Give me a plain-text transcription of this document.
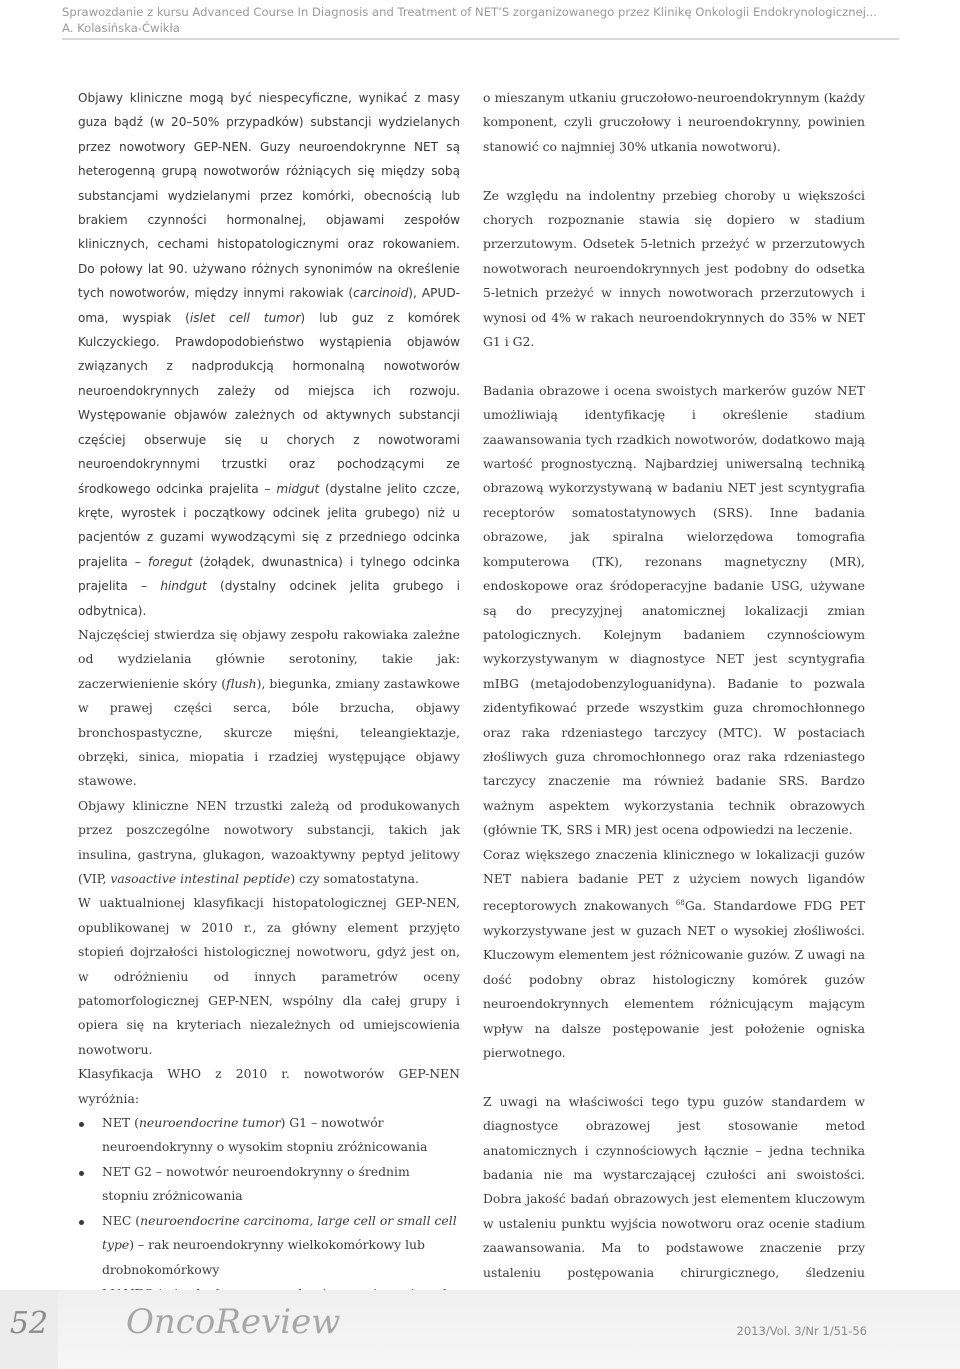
Sprawozdanie z kursu Advanced Course In Diagnosis and Treatment of NET’S zorganizowanego przez Klinikę Onkologii Endokrynologicznej...
A. Kolasińska-Ćwikła

Objawy kliniczne mogą być niespecyficzne, wynikać z masy guza bądź (w 20–50% przypadków) substancji wydzielanych przez nowotwory GEP-NEN. Guzy neuroendokrynne NET są heterogenną grupą nowotworów różniących się między sobą substancjami wydzielanymi przez komórki, obecnością lub brakiem czynności hormonalnej, objawami zespołów klinicznych, cechami histopatologicznymi oraz rokowaniem. Do połowy lat 90. używano różnych synonimów na określenie tych nowotworów, między innymi rakowiak (carcinoid), APUD-oma, wyspiak (islet cell tumor) lub guz z komórek Kulczyckiego. Prawdopodobieństwo wystąpienia objawów związanych z nadprodukcją hormonalną nowotworów neuroendokrynnych zależy od miejsca ich rozwoju. Występowanie objawów zależnych od aktywnych substancji częściej obserwuje się u chorych z nowotworami neuroendokrynnymi trzustki oraz pochodzącymi ze środkowego odcinka prajelita – midgut (dystalne jelito czcze, kręte, wyrostek i początkowy odcinek jelita grubego) niż u pacjentów z guzami wywodzącymi się z przedniego odcinka prajelita – foregut (żołądek, dwunastnica) i tylnego odcinka prajelita – hindgut (dystalny odcinek jelita grubego i odbytnica).

Najczęściej stwierdza się objawy zespołu rakowiaka zależne od wydzielania głównie serotoniny, takie jak: zaczerwienienie skóry (flush), biegunka, zmiany zastawkowe w prawej części serca, bóle brzucha, objawy bronchospastyczne, skurcze mięśni, teleangiektazje, obrzęki, sinica, miopatia i rzadziej występujące objawy stawowe.

Objawy kliniczne NEN trzustki zależą od produkowanych przez poszczególne nowotwory substancji, takich jak insulina, gastryna, glukagon, wazoaktywny peptyd jelitowy (VIP, vasoactive intestinal peptide) czy somatostatyna.

W uaktualnionej klasyfikacji histopatologicznej GEP-NEN, opublikowanej w 2010 r., za główny element przyjęto stopień dojrzałości histologicznej nowotworu, gdyż jest on, w odróżnieniu od innych parametrów oceny patomorfologicznej GEP-NEN, wspólny dla całej grupy i opiera się na kryteriach niezależnych od umiejscowienia nowotworu.

Klasyfikacja WHO z 2010 r. nowotworów GEP-NEN wyróżnia:

NET (neuroendocrine tumor) G1 – nowotwór neuroendokrynny o wysokim stopniu zróżnicowania
NET G2 – nowotwór neuroendokrynny o średnim stopniu zróżnicowania
NEC (neuroendocrine carcinoma, large cell or small cell type) – rak neuroendokrynny wielkokomórkowy lub drobnokomórkowy

o mieszanym utkaniu gruczołowo-neuroendokrynnym (każdy komponent, czyli gruczołowy i neuroendokrynny, powinien stanowić co najmniej 30% utkania nowotworu).

Ze względu na indolentny przebieg choroby u większości chorych rozpoznanie stawia się dopiero w stadium przerzutowym. Odsetek 5-letnich przeżyć w przerzutowych nowotworach neuroendokrynnych jest podobny do odsetka 5-letnich przeżyć w innych nowotworach przerzutowych i wynosi od 4% w rakach neuroendokrynnych do 35% w NET G1 i G2.

Badania obrazowe i ocena swoistych markerów guzów NET umożliwiają identyfikację i określenie stadium zaawansowania tych rzadkich nowotworów, dodatkowo mają wartość prognostyczną. Najbardziej uniwersalną techniką obrazową wykorzystywaną w badaniu NET jest scyntygrafia receptorów somatostatynowych (SRS). Inne badania obrazowe, jak spiralna wielorzędowa tomografia komputerowa (TK), rezonans magnetyczny (MR), endoskopowe oraz śródoperacyjne badanie USG, używane są do precyzyjnej anatomicznej lokalizacji zmian patologicznych. Kolejnym badaniem czynnościowym wykorzystywanym w diagnostyce NET jest scyntygrafia mIBG (metajodobenzyloguanidyna). Badanie to pozwala zidentyfikować przede wszystkim guza chromochłonnego oraz raka rdzeniastego tarczycy (MTC). W postaciach złośliwych guza chromochłonnego oraz raka rdzeniastego tarczycy znaczenie ma również badanie SRS. Bardzo ważnym aspektem wykorzystania technik obrazowych (głównie TK, SRS i MR) jest ocena odpowiedzi na leczenie.

Coraz większego znaczenia klinicznego w lokalizacji guzów NET nabiera badanie PET z użyciem nowych ligandów receptorowych znakowanych $^{68}$Ga. Standardowe FDG PET wykorzystywane jest w guzach NET o wysokiej złośliwości. Kluczowym elementem jest różnicowanie guzów. Z uwagi na dość podobny obraz histologiczny komórek guzów neuroendokrynnych elementem różnicującym mającym wpływ na dalsze postępowanie jest położenie ogniska pierwotnego.

Z uwagi na właściwości tego typu guzów standardem w diagnostyce obrazowej jest stosowanie metod anatomicznych i czynnościowych łącznie – jedna technika badania nie ma wystarczającej czułości ani swoistości. Dobra jakość badań obrazowych jest elementem kluczowym w ustaleniu punktu wyjścia nowotworu oraz ocenie stadium zaawansowania. Ma to podstawowe znaczenie przy ustaleniu postępowania chirurgicznego, śledzeniu

52 OncoReview	2013/Vol. 3/Nr 1/51-56
